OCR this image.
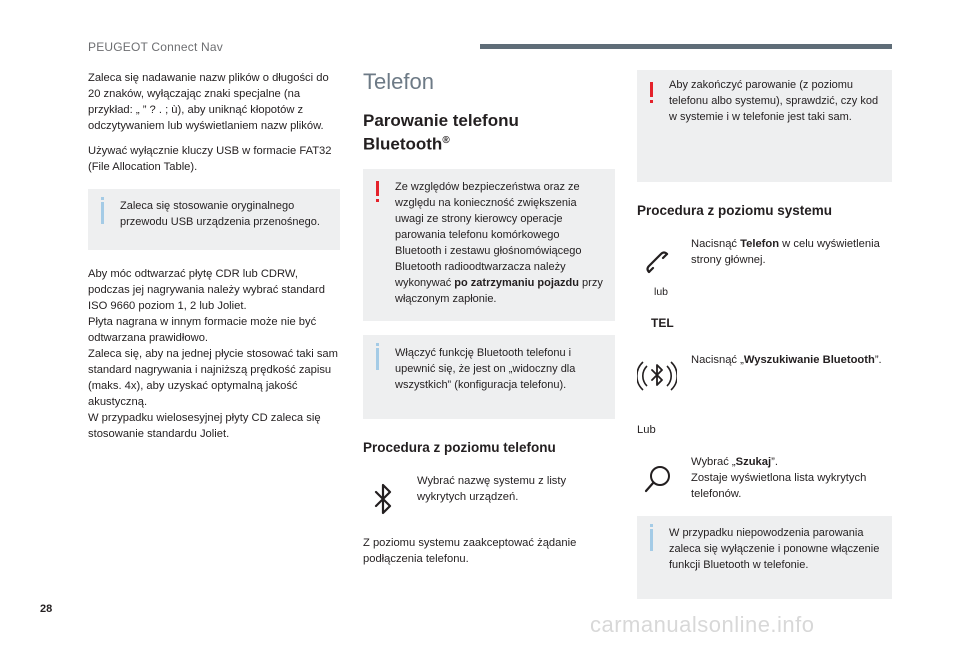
PEUGEOT Connect Nav
Zaleca się nadawanie nazw plików o długości do 20 znaków, wyłączając znaki specjalne (na przykład: „ ” ? . ; ù), aby uniknąć kłopotów z odczytywaniem lub wyświetlaniem nazw plików.
Używać wyłącznie kluczy USB w formacie FAT32 (File Allocation Table).
Zaleca się stosowanie oryginalnego przewodu USB urządzenia przenośnego.
Aby móc odtwarzać płytę CDR lub CDRW, podczas jej nagrywania należy wybrać standard ISO 9660 poziom 1, 2 lub Joliet.
Płyta nagrana w innym formacie może nie być odtwarzana prawidłowo.
Zaleca się, aby na jednej płycie stosować taki sam standard nagrywania i najniższą prędkość zapisu (maks. 4x), aby uzyskać optymalną jakość akustyczną.
W przypadku wielosesyjnej płyty CD zaleca się stosowanie standardu Joliet.
Telefon
Parowanie telefonu
Bluetooth®
Ze względów bezpieczeństwa oraz ze względu na konieczność zwiększenia uwagi ze strony kierowcy operacje parowania telefonu komórkowego Bluetooth i zestawu głośnomówiącego Bluetooth radioodtwarzacza należy wykonywać po zatrzymaniu pojazdu przy włączonym zapłonie.
Włączyć funkcję Bluetooth telefonu i upewnić się, że jest on „widoczny dla wszystkich” (konfiguracja telefonu).
Procedura z poziomu telefonu
Wybrać nazwę systemu z listy wykrytych urządzeń.
Z poziomu systemu zaakceptować żądanie podłączenia telefonu.
Aby zakończyć parowanie (z poziomu telefonu albo systemu), sprawdzić, czy kod w systemie i w telefonie jest taki sam.
Procedura z poziomu systemu
Nacisnąć Telefon w celu wyświetlenia strony głównej.
lub
TEL
Nacisnąć „Wyszukiwanie Bluetooth”.
Lub
Wybrać „Szukaj”.
Zostaje wyświetlona lista wykrytych telefonów.
W przypadku niepowodzenia parowania zaleca się wyłączenie i ponowne włączenie funkcji Bluetooth w telefonie.
28
carmanualsonline.info
